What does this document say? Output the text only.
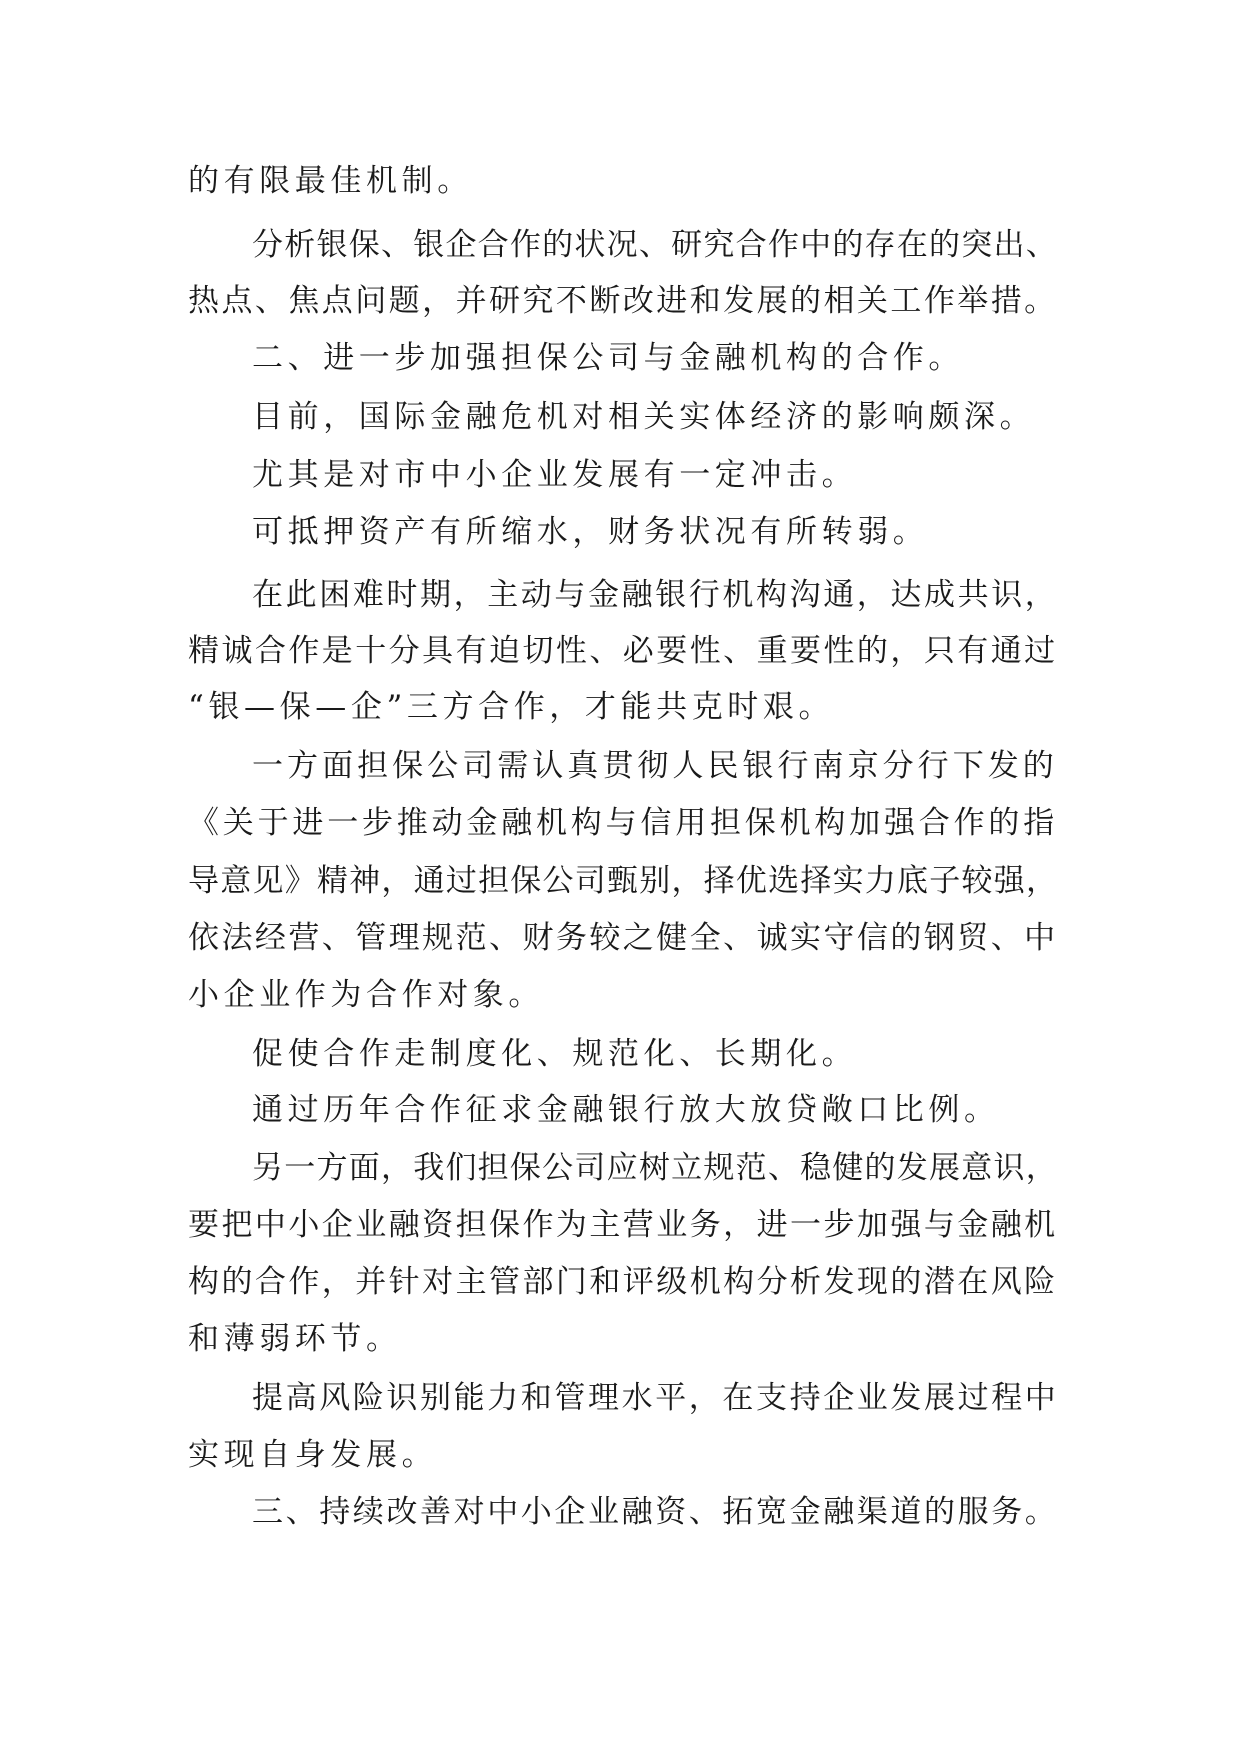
的有限最佳机制。
分析银保、银企合作的状况、研究合作中的存在的突出、
热点、焦点问题，并研究不断改进和发展的相关工作举措。
二、进一步加强担保公司与金融机构的合作。
目前，国际金融危机对相关实体经济的影响颇深。
尤其是对市中小企业发展有一定冲击。
可抵押资产有所缩水，财务状况有所转弱。
在此困难时期，主动与金融银行机构沟通，达成共识，
精诚合作是十分具有迫切性、必要性、重要性的，只有通过
“银—保—企”三方合作，才能共克时艰。
一方面担保公司需认真贯彻人民银行南京分行下发的
《关于进一步推动金融机构与信用担保机构加强合作的指
导意见》精神，通过担保公司甄别，择优选择实力底子较强，
依法经营、管理规范、财务较之健全、诚实守信的钢贸、中
小企业作为合作对象。
促使合作走制度化、规范化、长期化。
通过历年合作征求金融银行放大放贷敞口比例。
另一方面，我们担保公司应树立规范、稳健的发展意识，
要把中小企业融资担保作为主营业务，进一步加强与金融机
构的合作，并针对主管部门和评级机构分析发现的潜在风险
和薄弱环节。
提高风险识别能力和管理水平，在支持企业发展过程中
实现自身发展。
三、持续改善对中小企业融资、拓宽金融渠道的服务。
